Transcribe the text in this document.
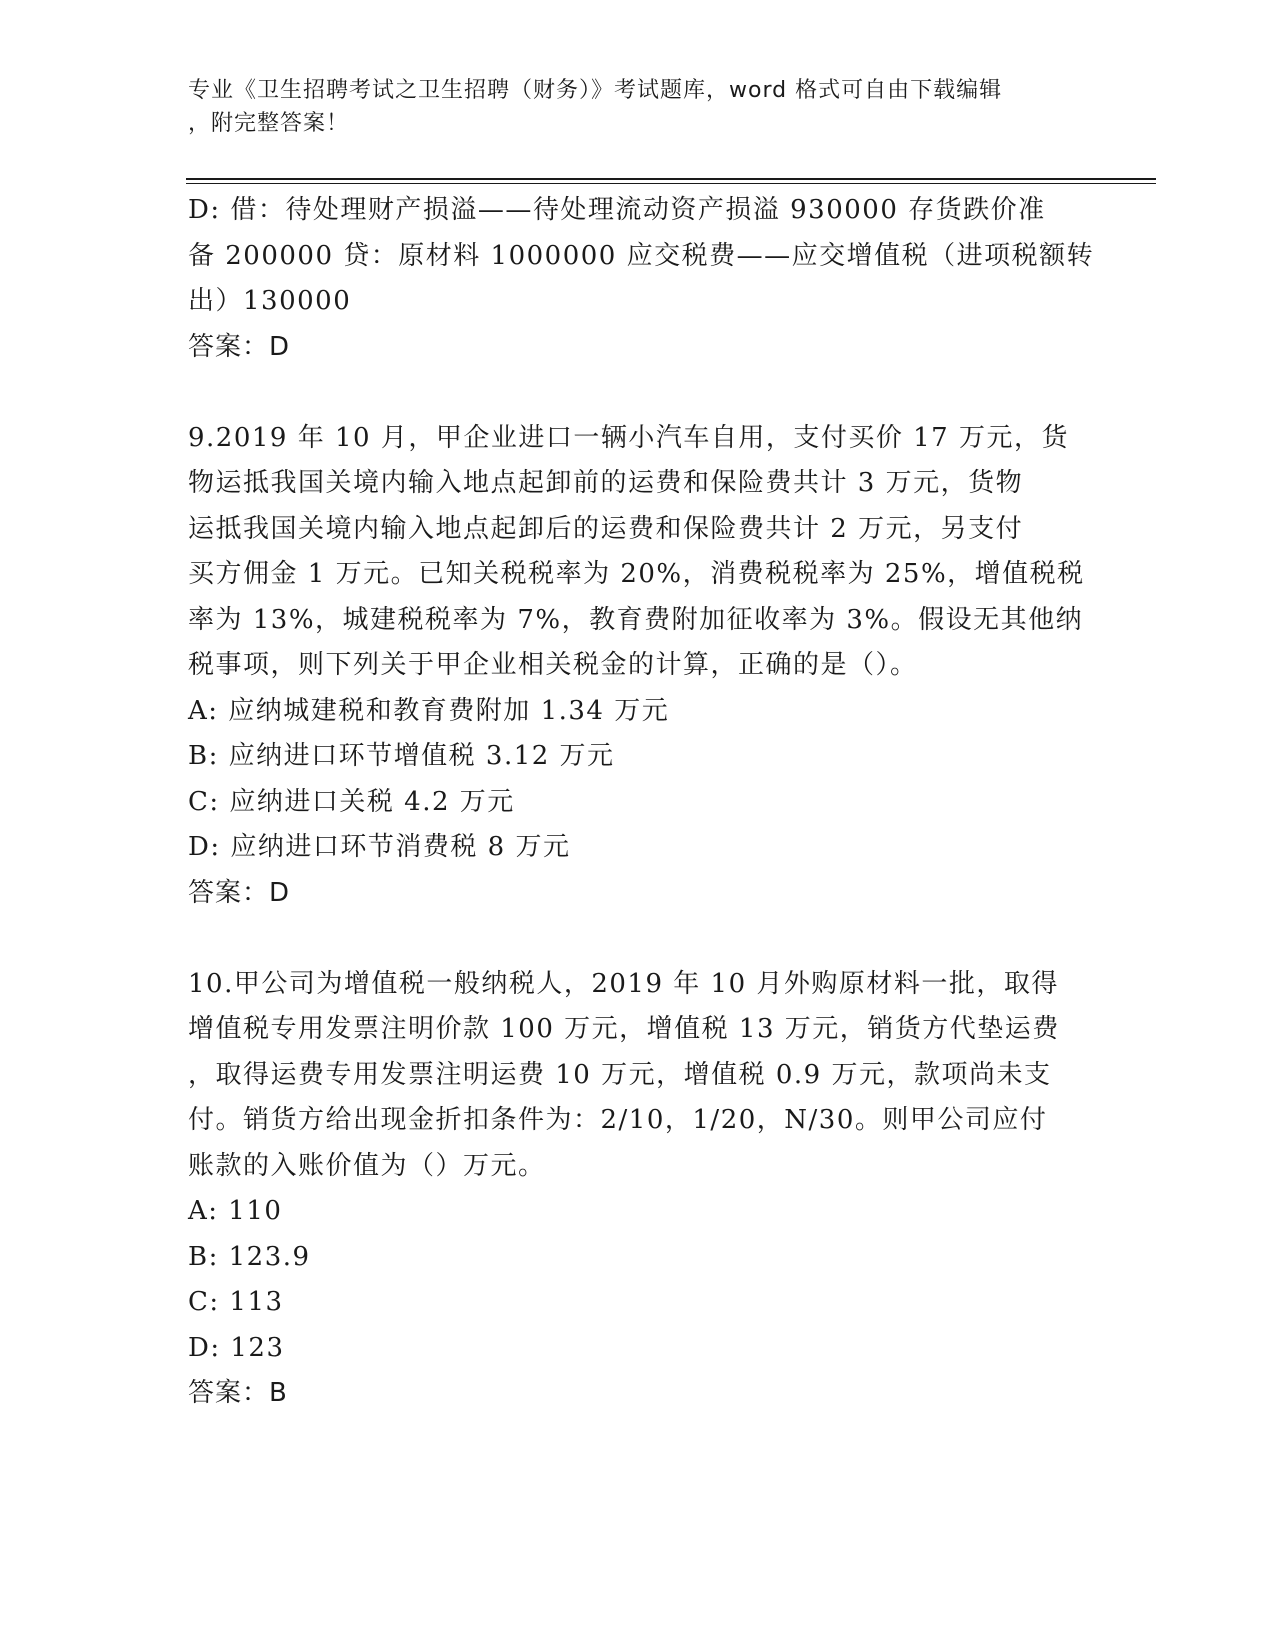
专业《卫生招聘考试之卫生招聘（财务）》考试题库，word 格式可自由下载编辑
，附完整答案！
D: 借：待处理财产损溢——待处理流动资产损溢 930000 存货跌价准
备 200000 贷：原材料 1000000 应交税费——应交增值税（进项税额转
出）130000
答案：D
9.2019 年 10 月，甲企业进口一辆小汽车自用，支付买价 17 万元，货
物运抵我国关境内输入地点起卸前的运费和保险费共计 3 万元，货物
运抵我国关境内输入地点起卸后的运费和保险费共计 2 万元，另支付
买方佣金 1 万元。已知关税税率为 20%，消费税税率为 25%，增值税税
率为 13%，城建税税率为 7%，教育费附加征收率为 3%。假设无其他纳
税事项，则下列关于甲企业相关税金的计算，正确的是（）。
A: 应纳城建税和教育费附加 1.34 万元
B: 应纳进口环节增值税 3.12 万元
C: 应纳进口关税 4.2 万元
D: 应纳进口环节消费税 8 万元
答案：D
10.甲公司为增值税一般纳税人，2019 年 10 月外购原材料一批，取得
增值税专用发票注明价款 100 万元，增值税 13 万元，销货方代垫运费
，取得运费专用发票注明运费 10 万元，增值税 0.9 万元，款项尚未支
付。销货方给出现金折扣条件为：2/10，1/20，N/30。则甲公司应付
账款的入账价值为（）万元。
A: 110
B: 123.9
C: 113
D: 123
答案：B
